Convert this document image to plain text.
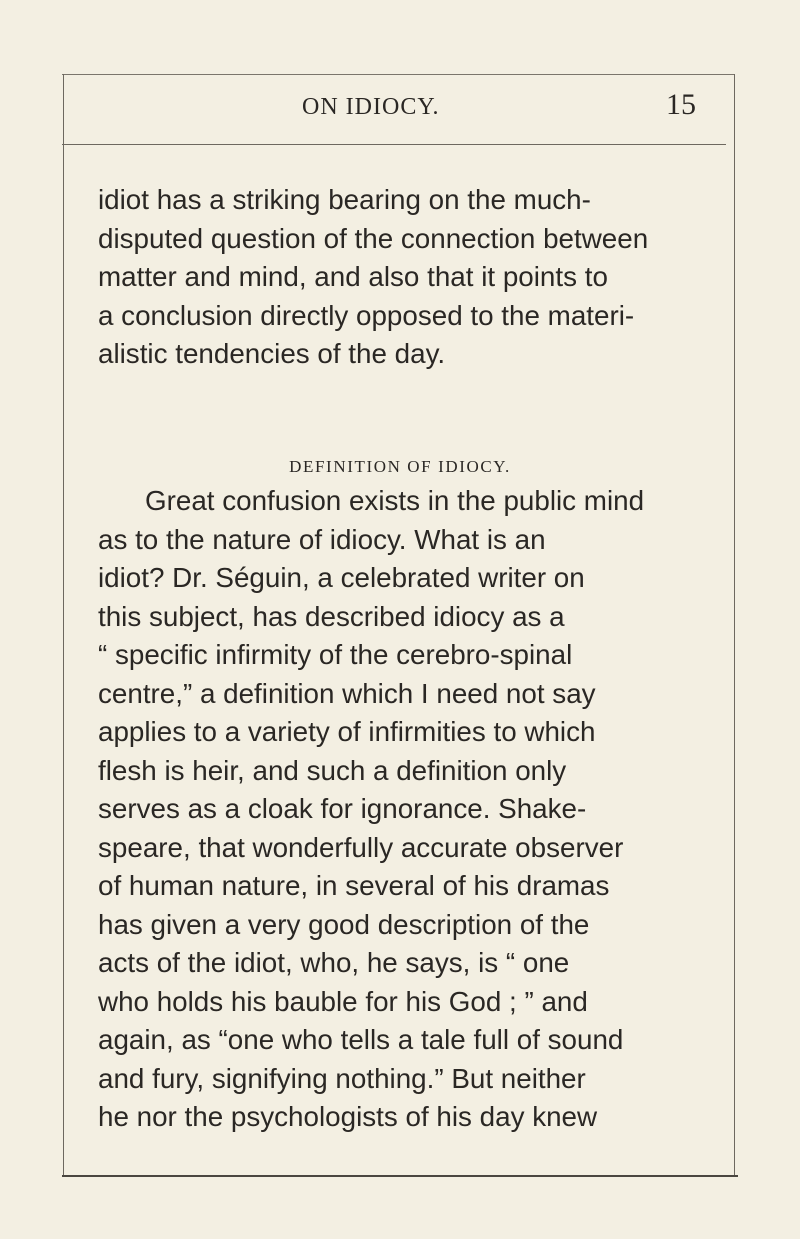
ON IDIOCY.	15

idiot has a striking bearing on the much-
disputed question of the connection between
matter and mind, and also that it points to
a conclusion directly opposed to the materi-
alistic tendencies of the day.

DEFINITION OF IDIOCY.

Great confusion exists in the public mind
as to the nature of idiocy. What is an
idiot? Dr. Séguin, a celebrated writer on
this subject, has described idiocy as a
“ specific infirmity of the cerebro-spinal
centre,” a definition which I need not say
applies to a variety of infirmities to which
flesh is heir, and such a definition only
serves as a cloak for ignorance. Shake-
speare, that wonderfully accurate observer
of human nature, in several of his dramas
has given a very good description of the
acts of the idiot, who, he says, is “ one
who holds his bauble for his God ; ” and
again, as “one who tells a tale full of sound
and fury, signifying nothing.” But neither
he nor the psychologists of his day knew
